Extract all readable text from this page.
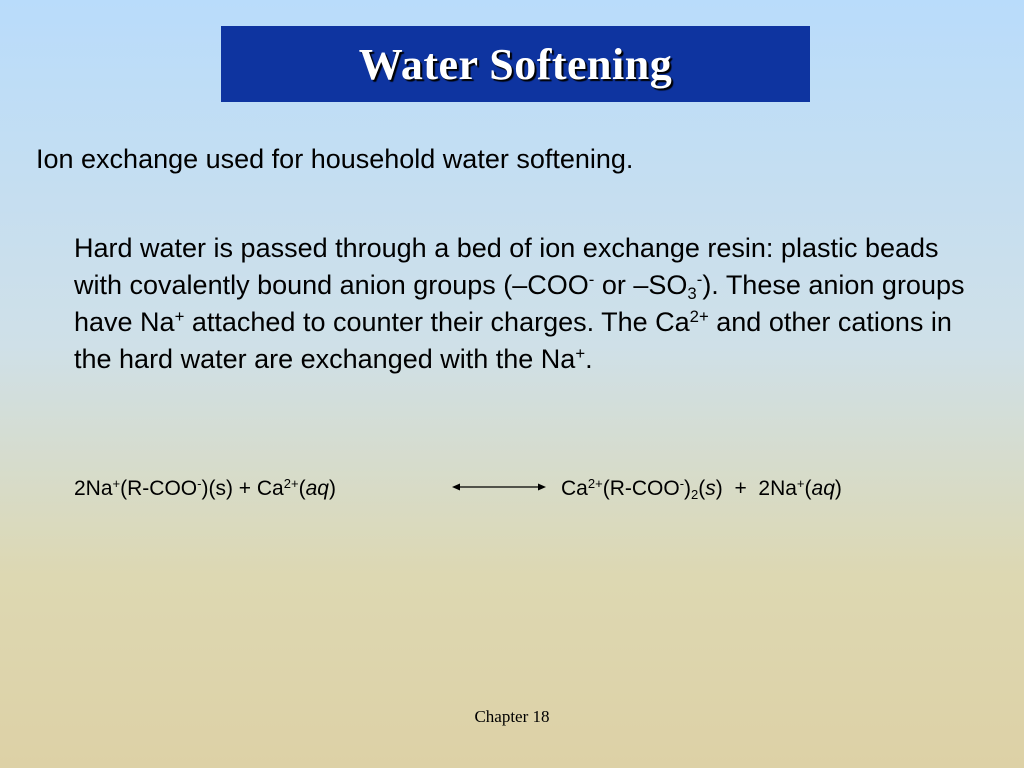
Water Softening
Ion exchange used for household water softening.
Hard water is passed through a bed of ion exchange resin: plastic beads with covalently bound anion groups (–COO- or $-SO_3^-$). These anion groups have Na+ attached to counter their charges. The $Ca^{2+}$ and other cations in the hard water are exchanged with the Na+.
$2Na^+(R-COO^-)(s) + Ca^{2+}(aq)$	$Ca^{2+}(R-COO^-)_2(s) + 2Na^+(aq)$
Chapter 18
